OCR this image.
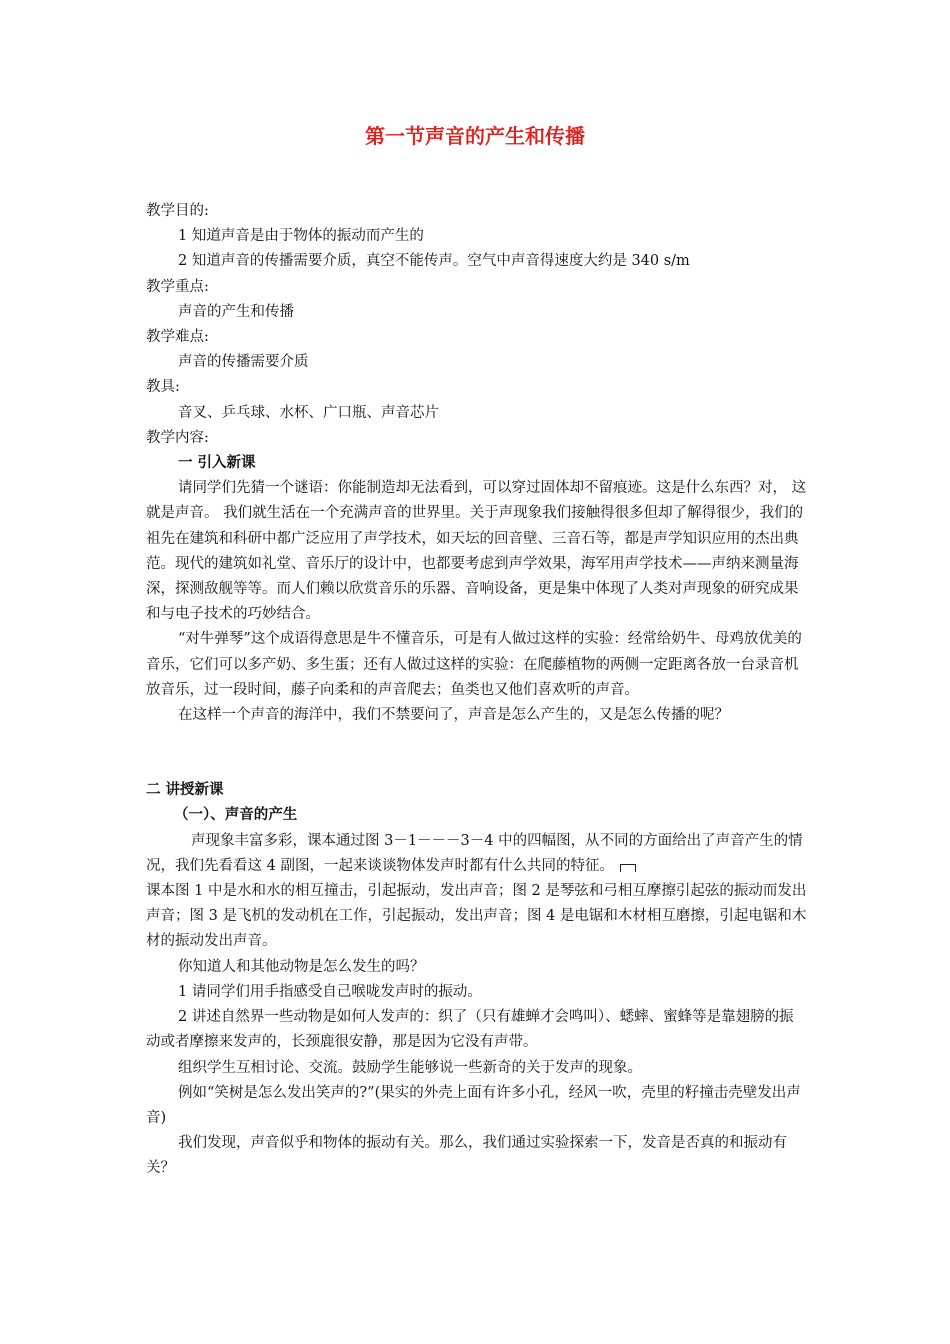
第一节声音的产生和传播

教学目的:

1 知道声音是由于物体的振动而产生的

2 知道声音的传播需要介质，真空不能传声。空气中声音得速度大约是 340 s/m

教学重点:

声音的产生和传播

教学难点:

声音的传播需要介质

教具:

音叉、乒乓球、水杯、广口瓶、声音芯片

教学内容:

一 引入新课

请同学们先猜一个谜语：你能制造却无法看到，可以穿过固体却不留痕迹。这是什么东西？对， 这就是声音。 我们就生活在一个充满声音的世界里。关于声现象我们接触得很多但却了解得很少，我们的祖先在建筑和科研中都广泛应用了声学技术，如天坛的回音壁、三音石等，都是声学知识应用的杰出典范。现代的建筑如礼堂、音乐厅的设计中，也都要考虑到声学效果，海军用声学技术——声纳来测量海深，探测敌舰等等。而人们赖以欣赏音乐的乐器、音响设备，更是集中体现了人类对声现象的研究成果和与电子技术的巧妙结合。

“对牛弹琴”这个成语得意思是牛不懂音乐，可是有人做过这样的实验：经常给奶牛、母鸡放优美的音乐，它们可以多产奶、多生蛋；还有人做过这样的实验：在爬藤植物的两侧一定距离各放一台录音机放音乐，过一段时间，藤子向柔和的声音爬去；鱼类也又他们喜欢听的声音。

在这样一个声音的海洋中，我们不禁要问了，声音是怎么产生的，又是怎么传播的呢？

二 讲授新课

（一）、声音的产生

声现象丰富多彩，课本通过图 3－1－－－3－4 中的四幅图，从不同的方面给出了声音产生的情况，我们先看看这 4 副图，一起来谈谈物体发声时都有什么共同的特征。

课本图 1 中是水和水的相互撞击，引起振动，发出声音；图 2 是琴弦和弓相互摩擦引起弦的振动而发出声音；图 3 是飞机的发动机在工作，引起振动，发出声音；图 4 是电锯和木材相互磨擦，引起电锯和木材的振动发出声音。

你知道人和其他动物是怎么发生的吗？

1 请同学们用手指感受自己喉咙发声时的振动。

2 讲述自然界一些动物是如何人发声的：织了（只有雄蝉才会鸣叫）、蟋蟀、蜜蜂等是靠翅膀的振动或者摩擦来发声的，长颈鹿很安静，那是因为它没有声带。

组织学生互相讨论、交流。鼓励学生能够说一些新奇的关于发声的现象。

例如“笑树是怎么发出笑声的?”(果实的外壳上面有许多小孔，经风一吹，壳里的籽撞击壳壁发出声音)

我们发现，声音似乎和物体的振动有关。那么，我们通过实验探索一下，发音是否真的和振动有关？
